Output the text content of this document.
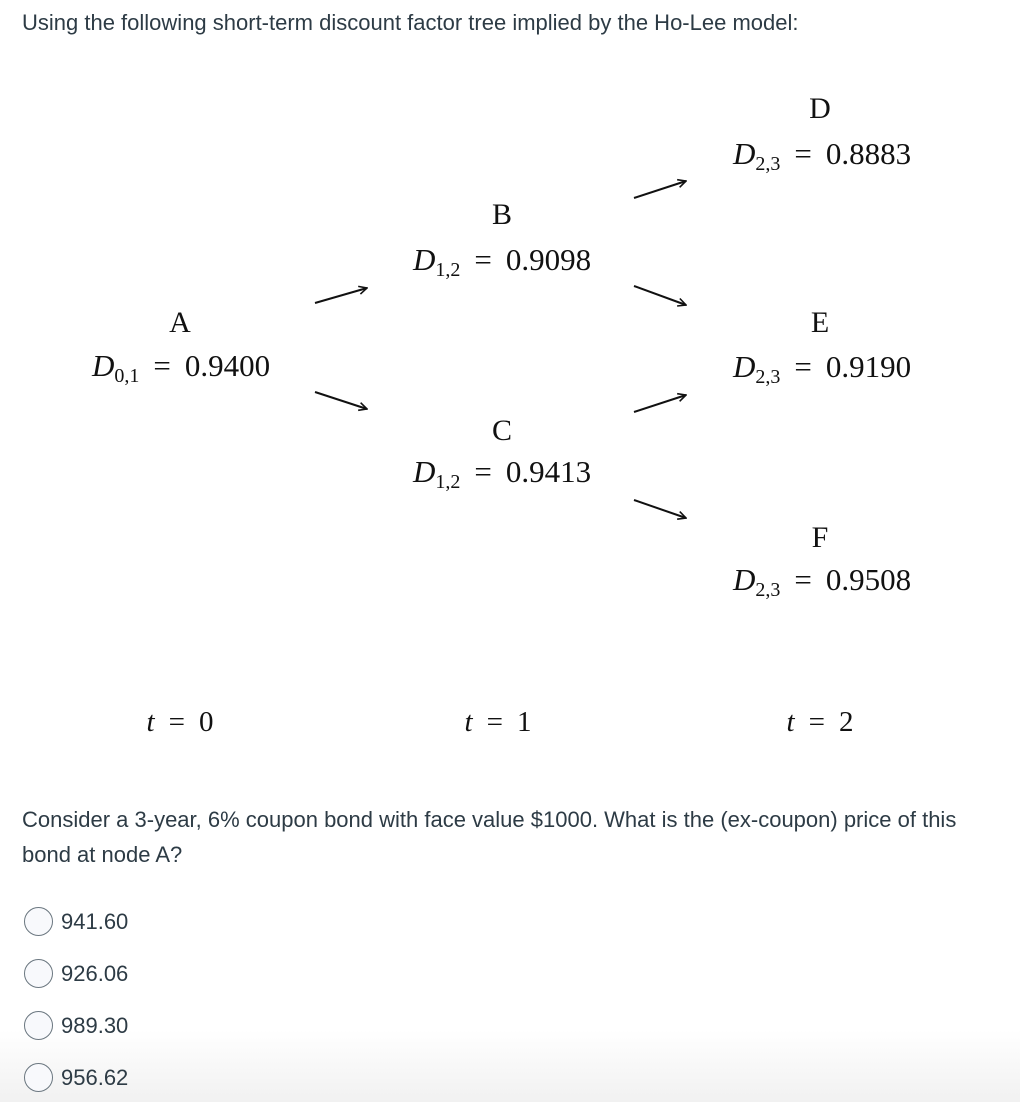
Using the following short-term discount factor tree implied by the Ho-Lee model:
A
$D_{0,1} = 0.9400$
B
$D_{1,2} = 0.9098$
C
$D_{1,2} = 0.9413$
D
$D_{2,3} = 0.8883$
E
$D_{2,3} = 0.9190$
F
$D_{2,3} = 0.9508$
t = 0	t = 1	t = 2
Consider a 3-year, 6% coupon bond with face value $1000. What is the (ex-coupon) price of this bond at node A?
941.60
926.06
989.30
956.62
